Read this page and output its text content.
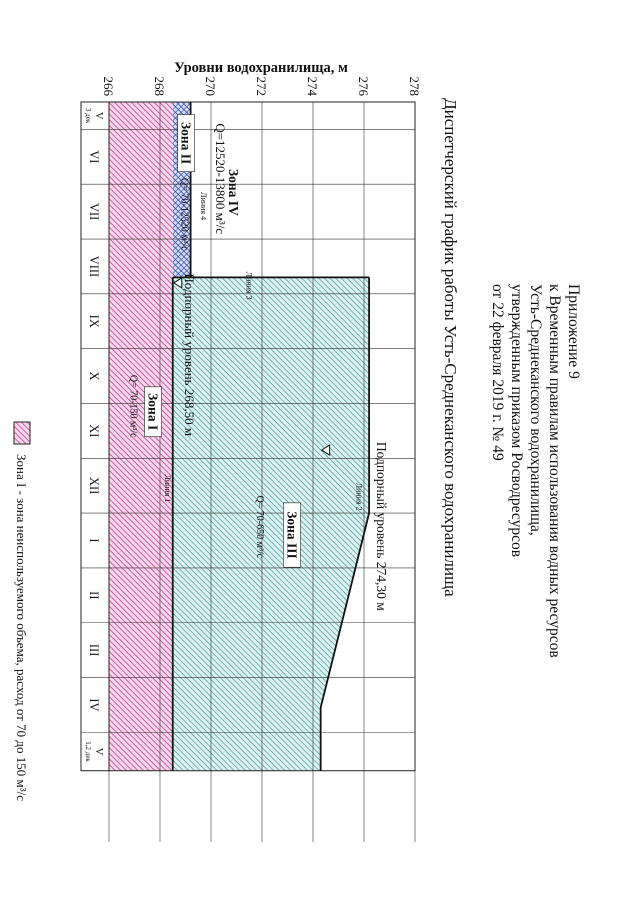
Приложение 9
к Временным правилам использования водных ресурсов
Усть-Среднеканского водохранилища,
утвержденным приказом Росводресурсов
от 22 февраля 2019 г. № 49
Диспетчерский график работы Усть-Среднеканского водохранилища
Уровни водохранилища, м
266	268	270	272	274	276	278
V
3 дек
VI
VII
VIII
IX
X
XI
XII
I
II
III
IV
V
1,2 дек
Подпорный уровень 268,50 м
Подпорный уровень 274,30 м
Зона IV
Q=12520-13800 м³/с
Зона II
Q= 70-12520 м³/с
Зона III
Q= 70-650 м³/с
Зона I
Q= 70-150 м³/с
Линия 1	Линия 2
Линия 3
Линия 4
Зона I - зона неиспользуемого объема, расход от 70 до 150 м³/с
